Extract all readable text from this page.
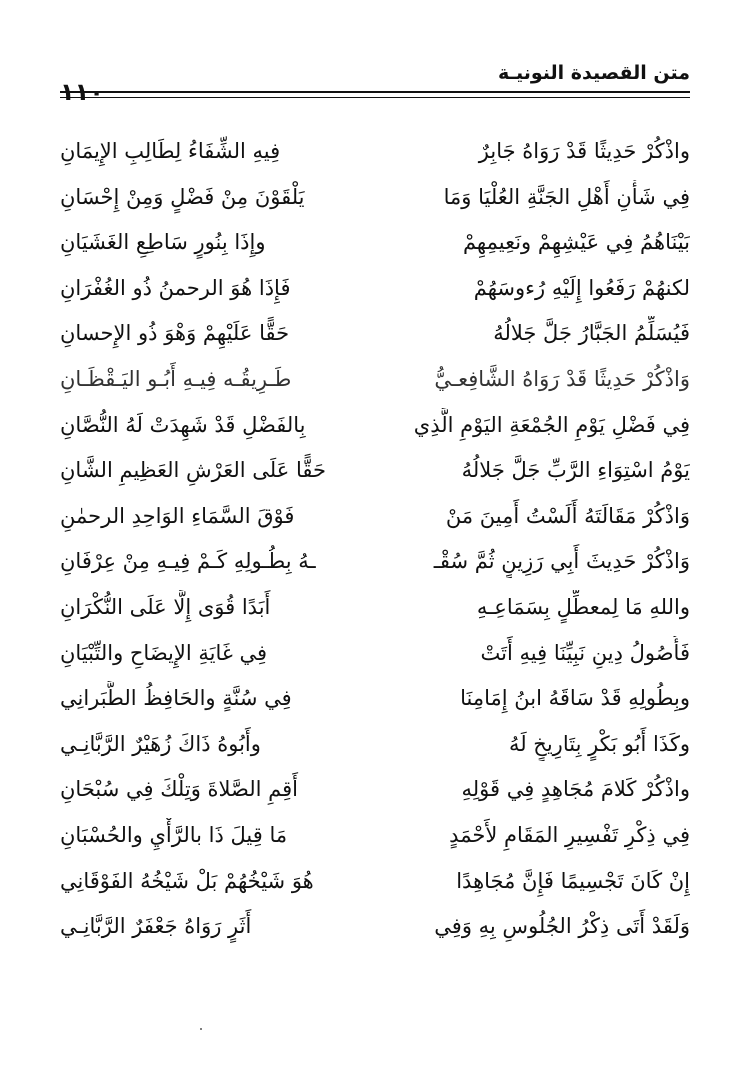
متن القصيدة النونيـة
١١٠
واذْكُرْ حَدِيثًا قَدْ رَوَاهُ جَابِرٌ
فِيهِ الشِّفَاءُ لِطَالِبِ الإِيمَانِ
فِي شَأْنِ أَهْلِ الجَنَّةِ العُلْيَا وَمَا
يَلْقَوْنَ مِنْ فَضْلٍ وَمِنْ إِحْسَانِ
بَيْنَاهُمُ فِي عَيْشِهِمْ ونَعِيمِهِمْ
وإِذَا بِنُورٍ سَاطِعِ الغَشَيَانِ
لكنهُمْ رَفَعُوا إِلَيْهِ رُءوسَهُمْ
فَإِذَا هُوَ الرحمنُ ذُو الغُفْرَانِ
فَيُسَلِّمُ الجَبَّارُ جَلَّ جَلالُهُ
حَقًّا عَلَيْهِمْ وَهْوَ ذُو الإِحسانِ
وَاذْكُرْ حَدِيثًا قَدْ رَوَاهُ الشَّافِعـيُّ
طَـرِيقُـه فِيـهِ أَبُـو اليَـقْظَـانِ
فِي فَضْلِ يَوْمِ الجُمْعَةِ اليَوْمِ الَّذِي
بِالفَضْلِ قَدْ شَهِدَتْ لَهُ النُّصَّانِ
يَوْمُ اسْتِوَاءِ الرَّبِّ جَلَّ جَلالُهُ
حَقًّا عَلَى العَرْشِ العَظِيمِ الشَّانِ
وَاذْكُرْ مَقَالَتَهُ أَلَسْتُ أَمِينَ مَنْ
فَوْقَ السَّمَاءِ الوَاحِدِ الرحمٰنِ
وَاذْكُرْ حَدِيثَ أَبِي رَزِينٍ ثُمَّ سُقْـ
ـهُ بِطُـولِهِ كَـمْ فِيـهِ مِنْ عِرْفَانِ
واللهِ مَا لِمعطِّلٍ بِسَمَاعِـهِ
أَبَدًا قُوَى إِلَّا عَلَى النُّكْرَانِ
فَأُصُولُ دِينِ نَبِيِّنَا فِيهِ أَتَتْ
فِي غَايَةِ الإِيضَاحِ والتِّبْيَانِ
وبِطُولِهِ قَدْ سَاقَهُ ابنُ إِمَامِنَا
فِي سُنَّةٍ والحَافِظُ الطَّبَرانِي
وكَذَا أَبُو بَكْرٍ بِتَارِيخٍ لَهُ
وأَبُوهُ ذَاكَ زُهَيْرٌ الرَّبَّانِـي
واذْكُرْ كَلامَ مُجَاهِدٍ فِي قَوْلِهِ
أَقِمِ الصَّلاةَ وَتِلْكَ فِي سُبْحَانِ
فِي ذِكْرِ تَفْسِيرِ المَقَامِ لأَحْمَدٍ
مَا قِيلَ ذَا بالرَّأْيِ والحُسْبَانِ
إِنْ كَانَ تَجْسِيمًا فَإِنَّ مُجَاهِدًا
هُوَ شَيْخُهُمْ بَلْ شَيْخُهُ الفَوْقَانِي
وَلَقَدْ أَتَى ذِكْرُ الجُلُوسِ بِهِ وَفِي
أَثَرٍ رَوَاهُ جَعْفَرٌ الرَّبَّانِـي
